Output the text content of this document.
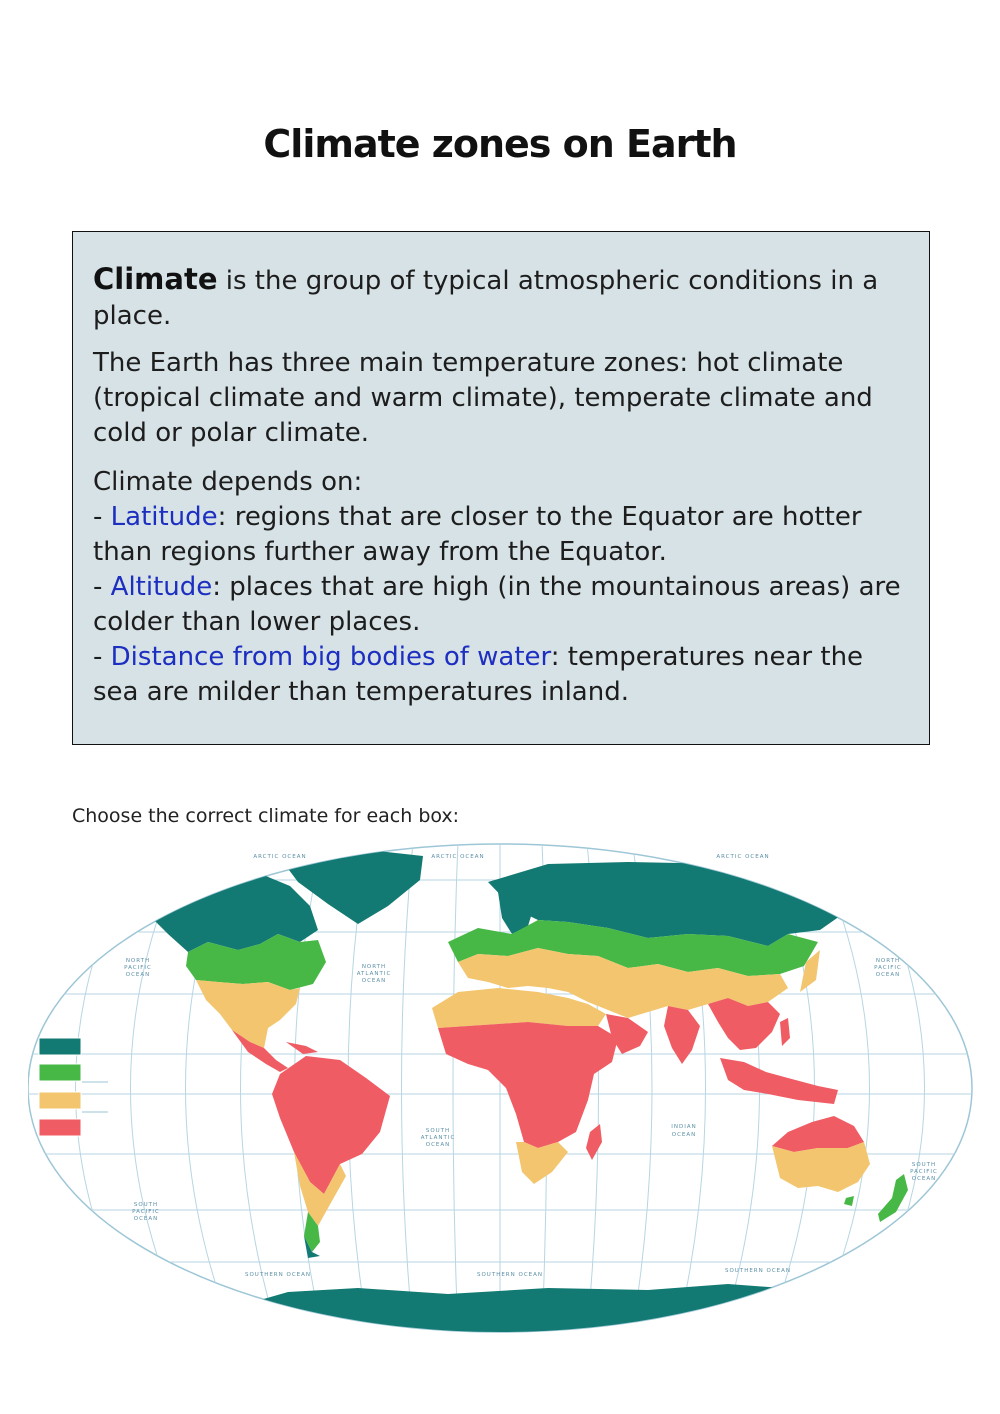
Climate zones on Earth

Climate is the group of typical atmospheric conditions in a place.

The Earth has three main temperature zones: hot climate (tropical climate and warm climate), temperate climate and cold or polar climate.

Climate depends on:

- Latitude: regions that are closer to the Equator are hotter than regions further away from the Equator.

- Altitude: places that are high (in the mountainous areas) are colder than lower places.

- Distance from big bodies of water: temperatures near the sea are milder than temperatures inland.

Choose the correct climate for each box:
NORTH PACIFIC OCEAN
NORTH ATLANTIC OCEAN
NORTH PACIFIC OCEAN
SOUTH ATLANTIC OCEAN
INDIAN OCEAN
SOUTH PACIFIC OCEAN
SOUTH PACIFIC OCEAN
SOUTHERN OCEAN	SOUTHERN OCEAN
SOUTHERN OCEAN
ARCTIC OCEAN	ARCTIC OCEAN	ARCTIC OCEAN
